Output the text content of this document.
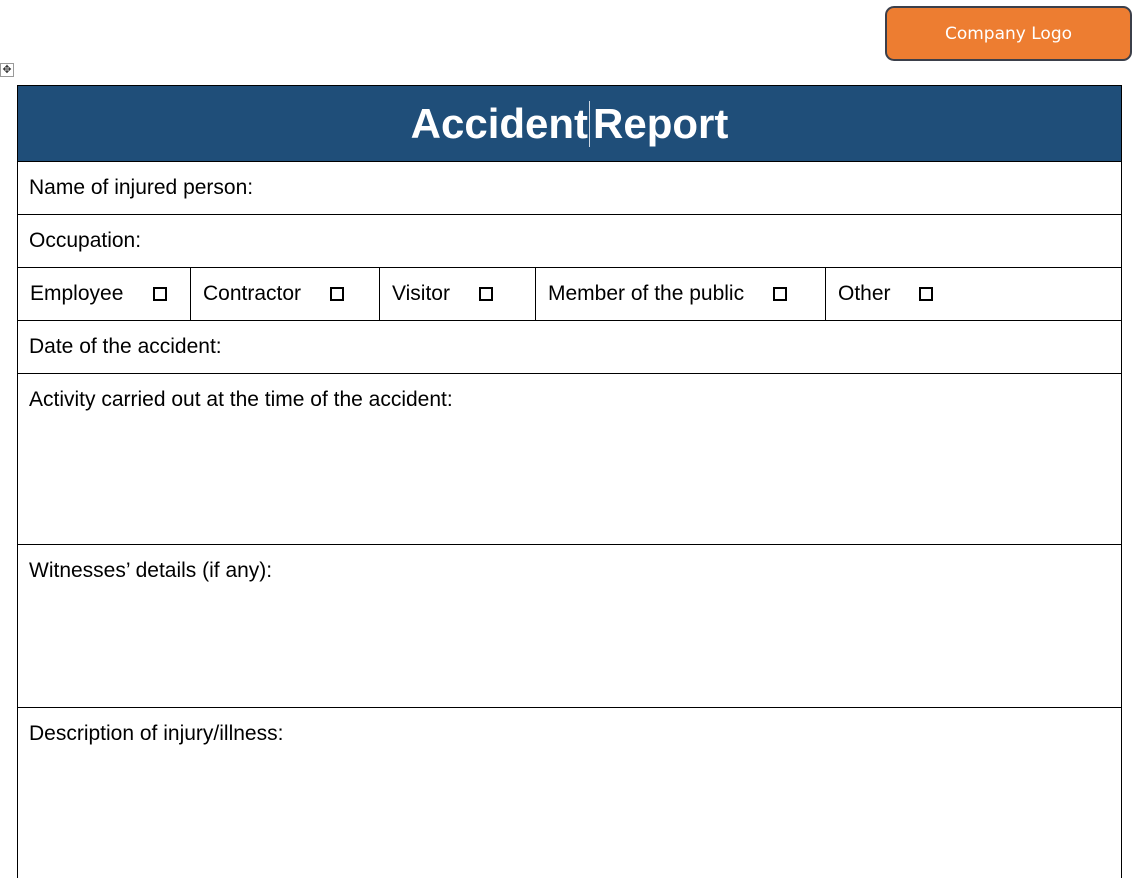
Company Logo
✥
Accident Report
Name of injured person:
Occupation:
Employee	Contractor	Visitor	Member of the public	Other
Date of the accident:
Activity carried out at the time of the accident:
Witnesses’ details (if any):
Description of injury/illness:
